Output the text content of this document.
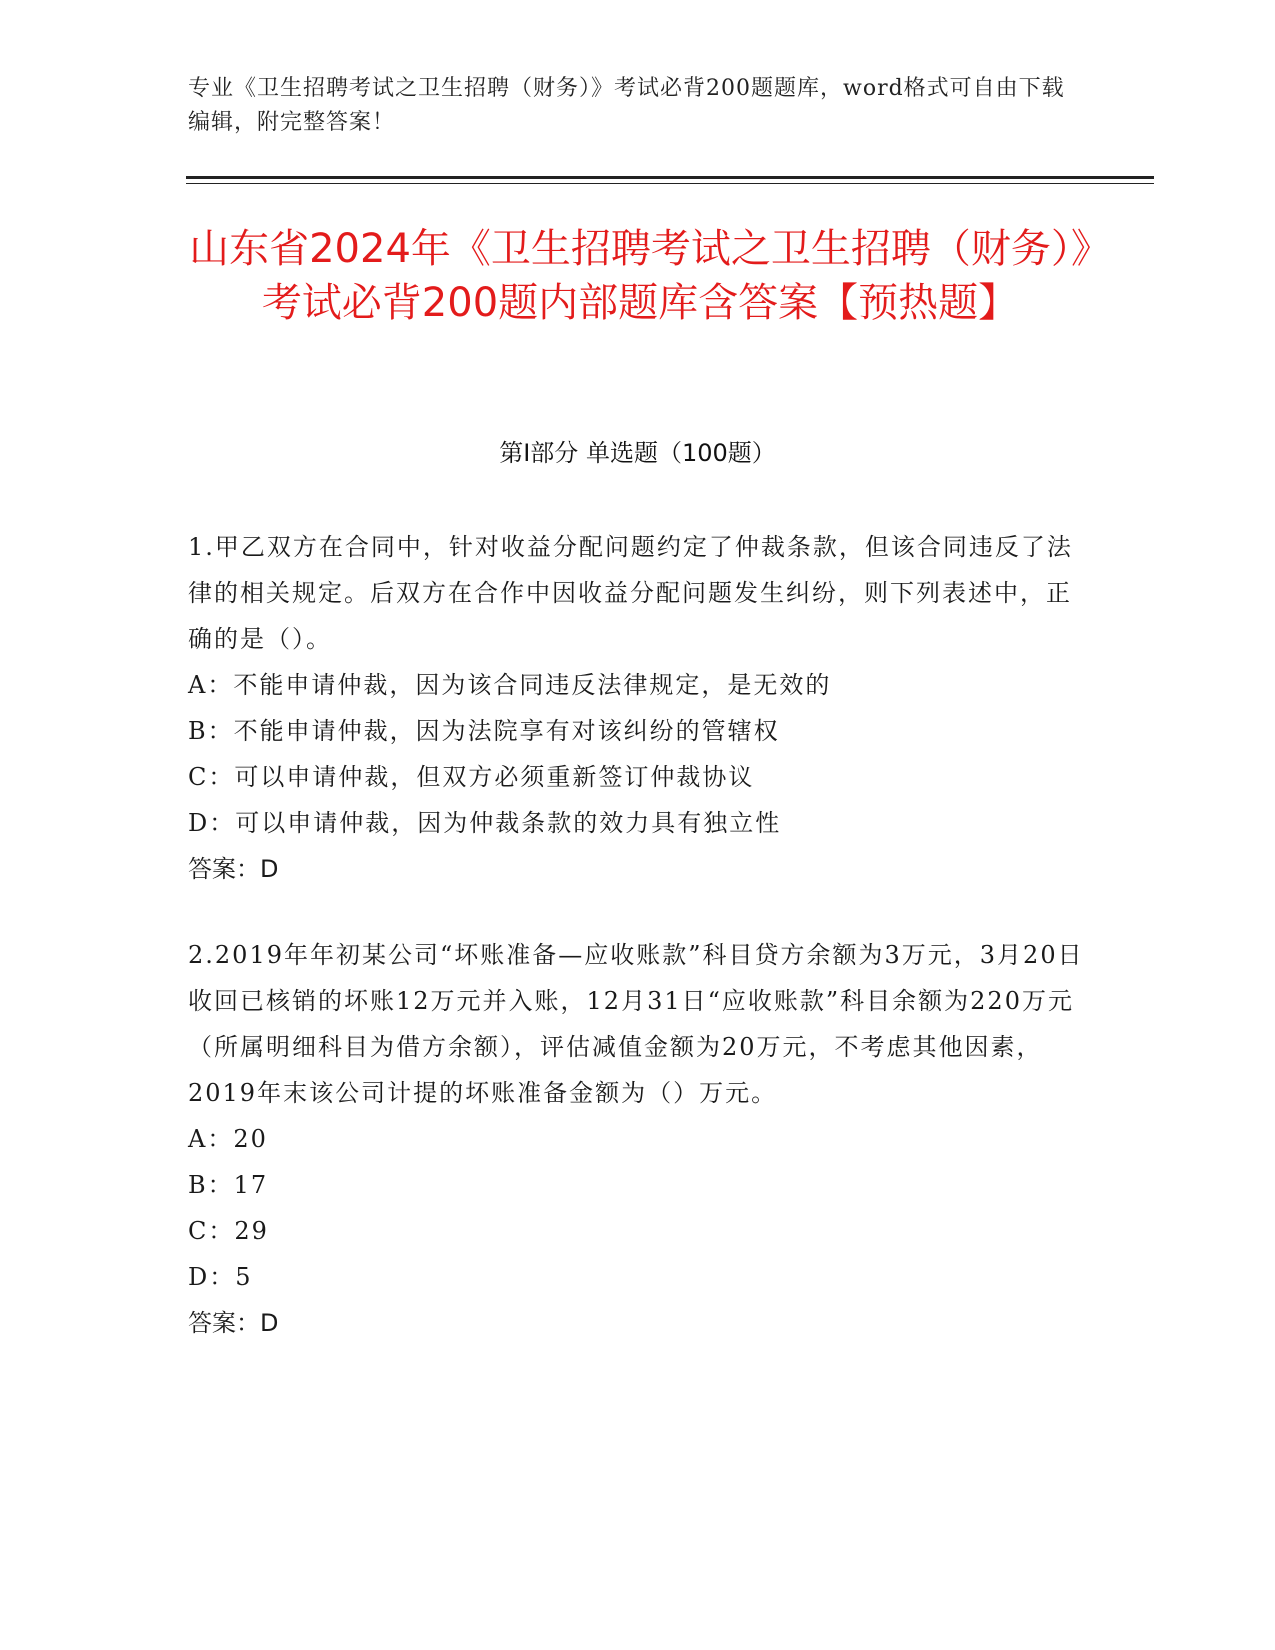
专业《卫生招聘考试之卫生招聘（财务）》考试必背200题题库，word格式可自由下载编辑，附完整答案！
山东省2024年《卫生招聘考试之卫生招聘（财务）》考试必背200题内部题库含答案【预热题】
第I部分 单选题（100题）
1.甲乙双方在合同中，针对收益分配问题约定了仲裁条款，但该合同违反了法律的相关规定。后双方在合作中因收益分配问题发生纠纷，则下列表述中，正确的是（）。
A：不能申请仲裁，因为该合同违反法律规定，是无效的
B：不能申请仲裁，因为法院享有对该纠纷的管辖权
C：可以申请仲裁，但双方必须重新签订仲裁协议
D：可以申请仲裁，因为仲裁条款的效力具有独立性
答案：D
2.2019年年初某公司“坏账准备—应收账款”科目贷方余额为3万元，3月20日收回已核销的坏账12万元并入账，12月31日“应收账款”科目余额为220万元（所属明细科目为借方余额），评估减值金额为20万元，不考虑其他因素，2019年末该公司计提的坏账准备金额为（）万元。
A：20
B：17
C：29
D：5
答案：D
